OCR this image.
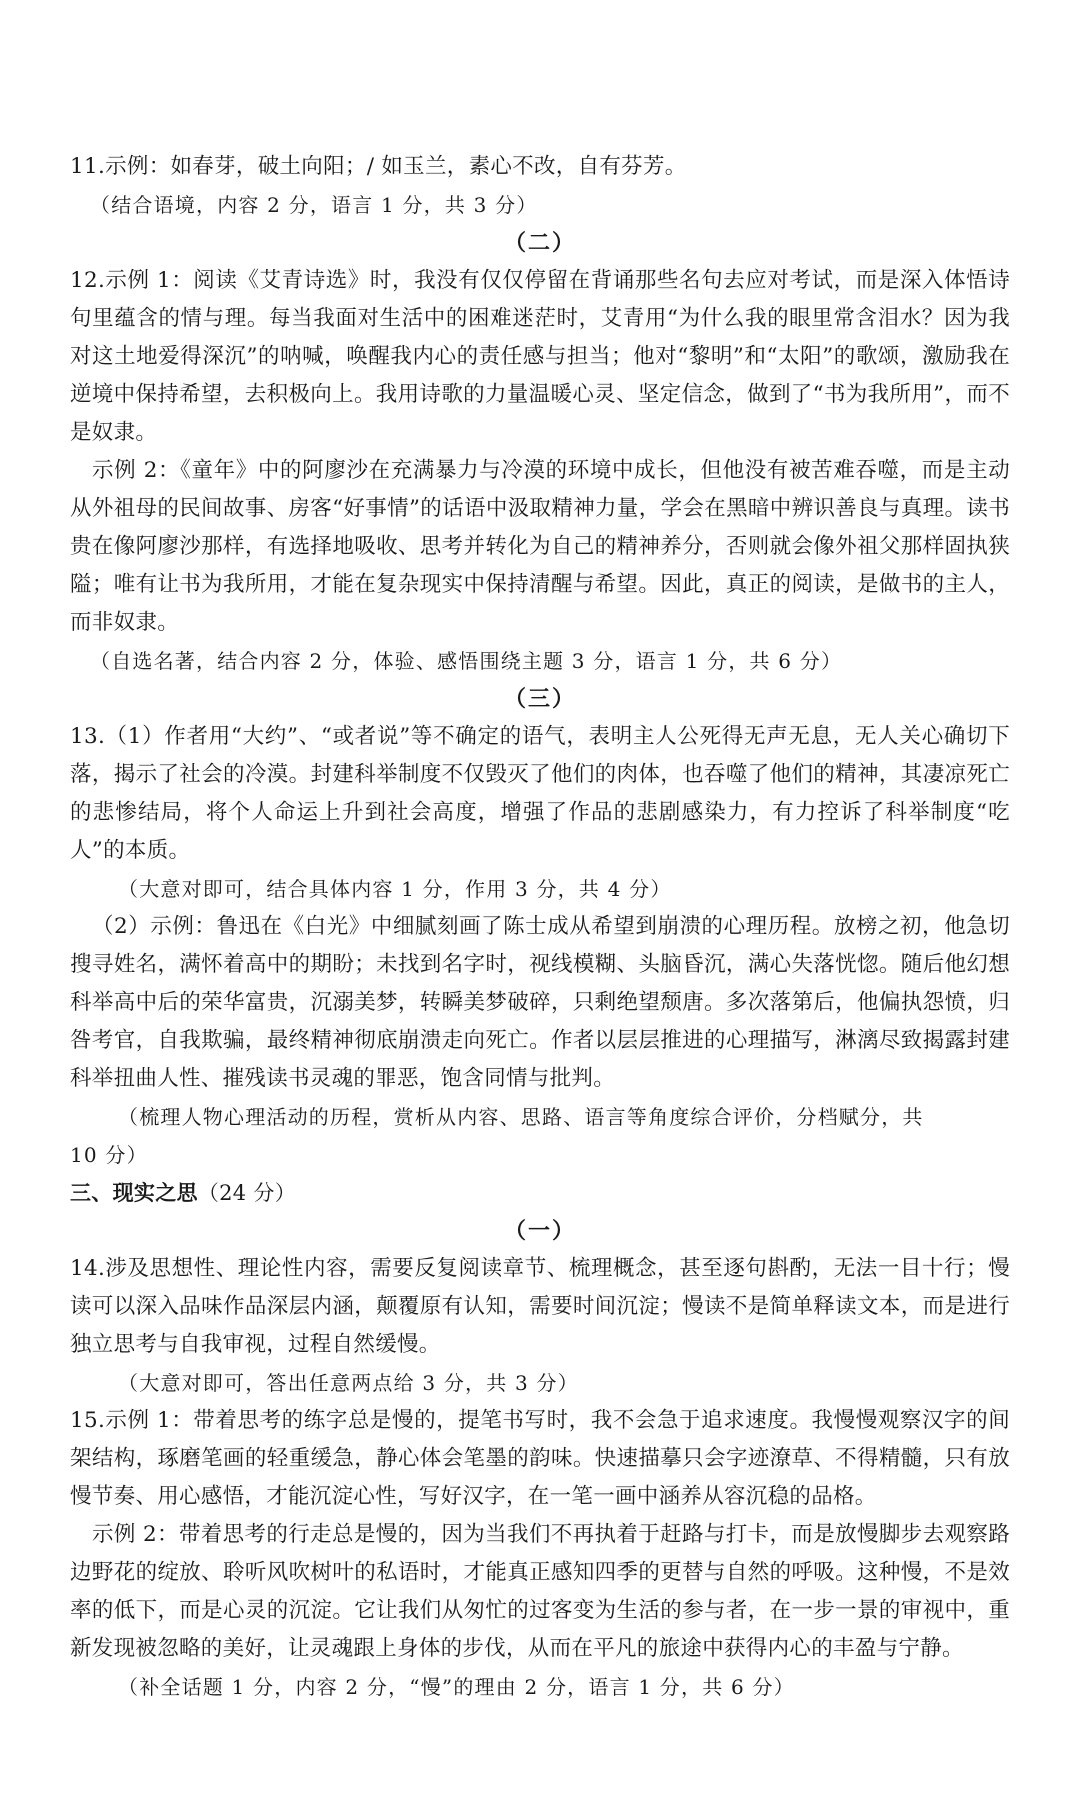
11.示例：如春芽，破土向阳；/ 如玉兰，素心不改，自有芬芳。

（结合语境，内容 2 分，语言 1 分，共 3 分）

（二）

12.示例 1：阅读《艾青诗选》时，我没有仅仅停留在背诵那些名句去应对考试，而是深入体悟诗句里蕴含的情与理。每当我面对生活中的困难迷茫时，艾青用“为什么我的眼里常含泪水？因为我对这土地爱得深沉”的呐喊，唤醒我内心的责任感与担当；他对“黎明”和“太阳”的歌颂，激励我在逆境中保持希望，去积极向上。我用诗歌的力量温暖心灵、坚定信念，做到了“书为我所用”，而不是奴隶。

示例 2：《童年》中的阿廖沙在充满暴力与冷漠的环境中成长，但他没有被苦难吞噬，而是主动从外祖母的民间故事、房客“好事情”的话语中汲取精神力量，学会在黑暗中辨识善良与真理。读书贵在像阿廖沙那样，有选择地吸收、思考并转化为自己的精神养分，否则就会像外祖父那样固执狭隘；唯有让书为我所用，才能在复杂现实中保持清醒与希望。因此，真正的阅读，是做书的主人，而非奴隶。

（自选名著，结合内容 2 分，体验、感悟围绕主题 3 分，语言 1 分，共 6 分）

（三）

13.（1）作者用“大约”、“或者说”等不确定的语气，表明主人公死得无声无息，无人关心确切下落，揭示了社会的冷漠。封建科举制度不仅毁灭了他们的肉体，也吞噬了他们的精神，其凄凉死亡的悲惨结局，将个人命运上升到社会高度，增强了作品的悲剧感染力，有力控诉了科举制度“吃人”的本质。

（大意对即可，结合具体内容 1 分，作用 3 分，共 4 分）

（2）示例：鲁迅在《白光》中细腻刻画了陈士成从希望到崩溃的心理历程。放榜之初，他急切搜寻姓名，满怀着高中的期盼；未找到名字时，视线模糊、头脑昏沉，满心失落恍惚。随后他幻想科举高中后的荣华富贵，沉溺美梦，转瞬美梦破碎，只剩绝望颓唐。多次落第后，他偏执怨愤，归咎考官，自我欺骗，最终精神彻底崩溃走向死亡。作者以层层推进的心理描写，淋漓尽致揭露封建科举扭曲人性、摧残读书灵魂的罪恶，饱含同情与批判。

（梳理人物心理活动的历程，赏析从内容、思路、语言等角度综合评价，分档赋分，共

10 分）

三、现实之思（24 分）

（一）

14.涉及思想性、理论性内容，需要反复阅读章节、梳理概念，甚至逐句斟酌，无法一目十行；慢读可以深入品味作品深层内涵，颠覆原有认知，需要时间沉淀；慢读不是简单释读文本，而是进行独立思考与自我审视，过程自然缓慢。

（大意对即可，答出任意两点给 3 分，共 3 分）

15.示例 1：带着思考的练字总是慢的，提笔书写时，我不会急于追求速度。我慢慢观察汉字的间架结构，琢磨笔画的轻重缓急，静心体会笔墨的韵味。快速描摹只会字迹潦草、不得精髓，只有放慢节奏、用心感悟，才能沉淀心性，写好汉字，在一笔一画中涵养从容沉稳的品格。

示例 2：带着思考的行走总是慢的，因为当我们不再执着于赶路与打卡，而是放慢脚步去观察路边野花的绽放、聆听风吹树叶的私语时，才能真正感知四季的更替与自然的呼吸。这种慢，不是效率的低下，而是心灵的沉淀。它让我们从匆忙的过客变为生活的参与者，在一步一景的审视中，重新发现被忽略的美好，让灵魂跟上身体的步伐，从而在平凡的旅途中获得内心的丰盈与宁静。

（补全话题 1 分，内容 2 分，“慢”的理由 2 分，语言 1 分，共 6 分）
